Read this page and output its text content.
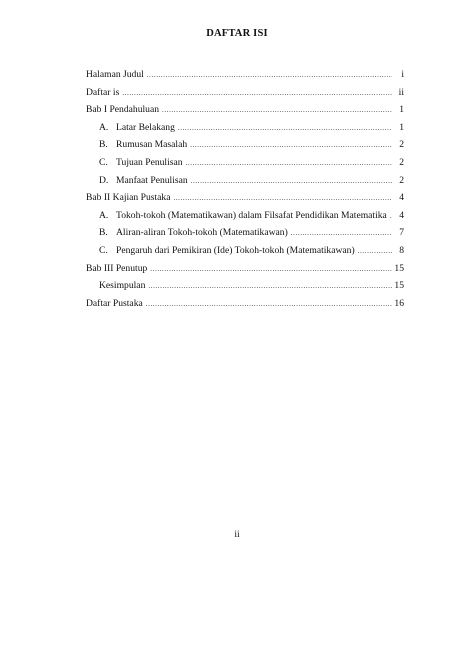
DAFTAR ISI
Halaman Judul .....	i
Daftar is .....	ii
Bab I Pendahuluan .....	1
A. Latar Belakang .....	1
B. Rumusan Masalah .....	2
C. Tujuan Penulisan .....	2
D. Manfaat Penulisan .....	2
Bab II Kajian Pustaka .....	4
A. Tokoh-tokoh (Matematikawan) dalam Filsafat Pendidikan Matematika .....	4
B. Aliran-aliran Tokoh-tokoh (Matematikawan) .....	7
C. Pengaruh dari Pemikiran (Ide) Tokoh-tokoh (Matematikawan) .....	8
Bab III Penutup .....	15
Kesimpulan .....	15
Daftar Pustaka .....	16
ii
